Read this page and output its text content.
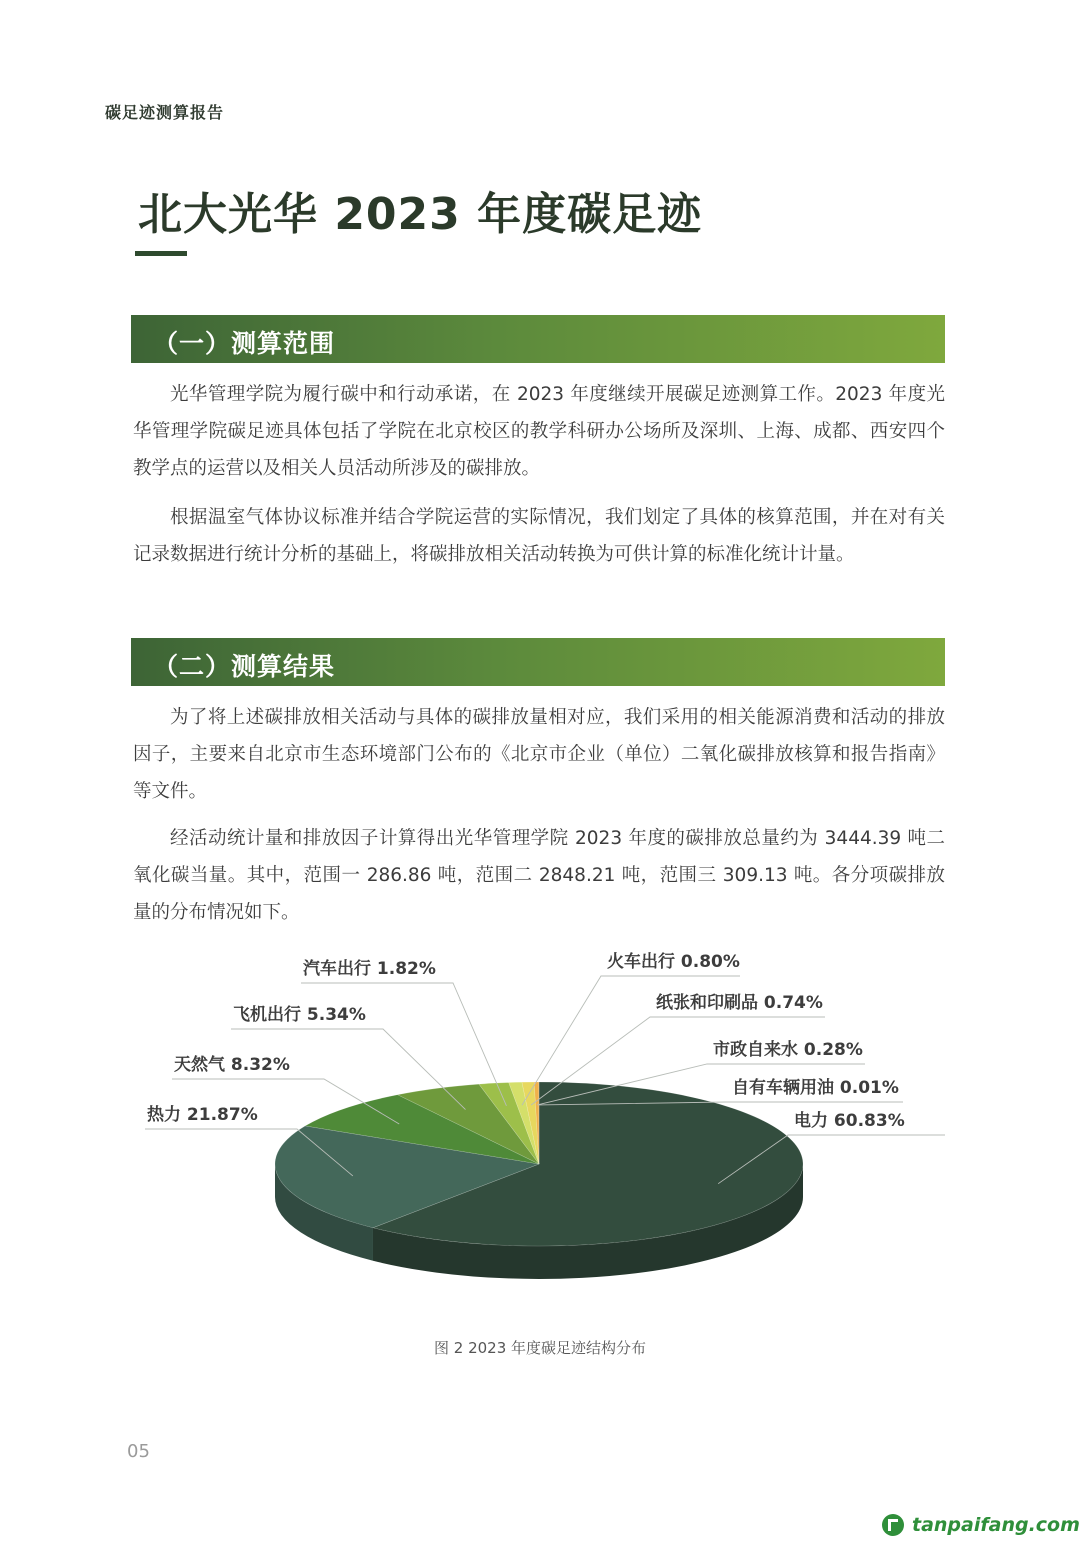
碳足迹测算报告
北大光华 2023 年度碳足迹
（一）测算范围

光华管理学院为履行碳中和行动承诺，在 2023 年度继续开展碳足迹测算工作。2023 年度光华管理学院碳足迹具体包括了学院在北京校区的教学科研办公场所及深圳、上海、成都、西安四个教学点的运营以及相关人员活动所涉及的碳排放。

根据温室气体协议标准并结合学院运营的实际情况，我们划定了具体的核算范围，并在对有关记录数据进行统计分析的基础上，将碳排放相关活动转换为可供计算的标准化统计计量。

（二）测算结果

为了将上述碳排放相关活动与具体的碳排放量相对应，我们采用的相关能源消费和活动的排放因子，主要来自北京市生态环境部门公布的《北京市企业（单位）二氧化碳排放核算和报告指南》等文件。

经活动统计量和排放因子计算得出光华管理学院 2023 年度的碳排放总量约为 3444.39 吨二氧化碳当量。其中，范围一 286.86 吨，范围二 2848.21 吨，范围三 309.13 吨。各分项碳排放量的分布情况如下。

电力 60.83%
热力 21.87%
天然气 8.32%
飞机出行 5.34%
汽车出行 1.82%	火车出行 0.80%
纸张和印刷品 0.74%
市政自来水 0.28%
自有车辆用油 0.01%
图 2 2023 年度碳足迹结构分布
05
tanpaifang.com
